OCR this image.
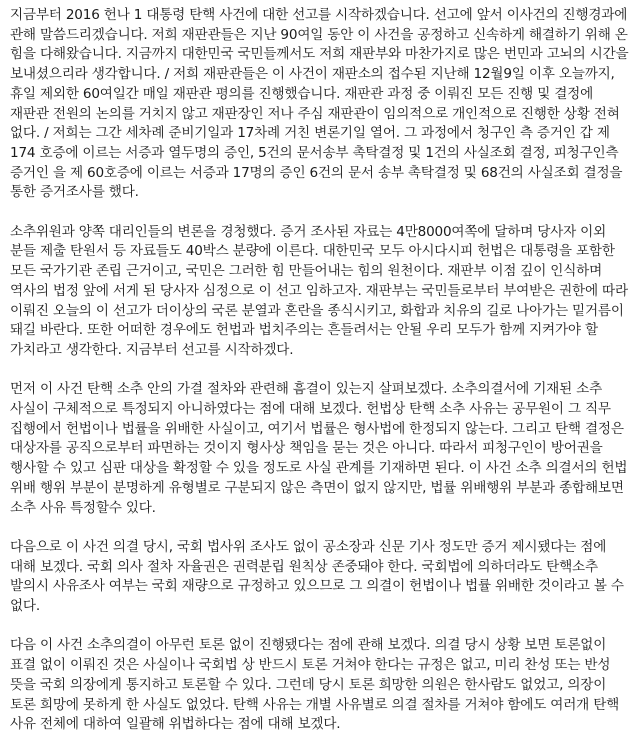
지금부터 2016 헌나 1 대통령 탄핵 사건에 대한 선고를 시작하겠습니다. 선고에 앞서 이사건의 진행경과에 관해 말씀드리겠습니다. 저희 재판관들은 지난 90여일 동안 이 사건을 공정하고 신속하게 해결하기 위해 온 힘을 다해왔습니다. 지금까지 대한민국 국민들께서도 저희 재판부와 마찬가지로 많은 번민과 고뇌의 시간을 보내셨으리라 생각합니다. / 저희 재판관들은 이 사건이 재판소의 접수된 지난해 12월9일 이후 오늘까지, 휴일 제외한 60여일간 매일 재판관 평의를 진행했습니다. 재판관 과정 중 이뤄진 모든 진행 및 결정에 재판관 전원의 논의를 거치지 않고 재판장인 저나 주심 재판관이 임의적으로 개인적으로 진행한 상황 전혀 없다. / 저희는 그간 세차례 준비기일과 17차례 거친 변론기일 열어. 그 과정에서 청구인 측 증거인 갑 제 174 호증에 이르는 서증과 열두명의 증인, 5건의 문서송부 촉탁결정 및 1건의 사실조회 결정, 피청구인측 증거인 을 제 60호증에 이르는 서증과 17명의 증인 6건의 문서 송부 촉탁결정 및 68건의 사실조회 결정을 통한 증거조사를 했다.

소추위원과 양쪽 대리인들의 변론을 경청했다. 증거 조사된 자료는 4만8000여쪽에 달하며 당사자 이외 분들 제출 탄원서 등 자료들도 40박스 분량에 이른다. 대한민국 모두 아시다시피 헌법은 대통령을 포함한 모든 국가기관 존립 근거이고, 국민은 그러한 힘 만들어내는 힘의 원천이다. 재판부 이점 깊이 인식하며 역사의 법정 앞에 서게 된 당사자 심정으로 이 선고 임하고자. 재판부는 국민들로부터 부여받은 권한에 따라 이뤄진 오늘의 이 선고가 더이상의 국론 분열과 혼란을 종식시키고, 화합과 치유의 길로 나아가는 밑거름이 돼길 바란다. 또한 어떠한 경우에도 헌법과 법치주의는 흔들려서는 안될 우리 모두가 함께 지켜가야 할 가치라고 생각한다. 지금부터 선고를 시작하겠다.

먼저 이 사건 탄핵 소추 안의 가결 절차와 관련해 흠결이 있는지 살펴보겠다. 소추의결서에 기재된 소추 사실이 구체적으로 특정되지 아니하였다는 점에 대해 보겠다. 헌법상 탄핵 소추 사유는 공무원이 그 직무 집행에서 헌법이나 법률을 위배한 사실이고, 여기서 법률은 형사법에 한정되지 않는다. 그리고 탄핵 결정은 대상자를 공직으로부터 파면하는 것이지 형사상 책임을 묻는 것은 아니다. 따라서 피청구인이 방어권을 행사할 수 있고 심판 대상을 확정할 수 있을 정도로 사실 관계를 기재하면 된다. 이 사건 소추 의결서의 헌법 위배 행위 부분이 분명하게 유형별로 구분되지 않은 측면이 없지 않지만, 법률 위배행위 부분과 종합해보면 소추 사유 특정할수 있다.

다음으로 이 사건 의결 당시, 국회 법사위 조사도 없이 공소장과 신문 기사 정도만 증거 제시됐다는 점에 대해 보겠다. 국회 의사 절차 자율권은 권력분립 원칙상 존중돼야 한다. 국회법에 의하더라도 탄핵소추 발의시 사유조사 여부는 국회 재량으로 규정하고 있으므로 그 의결이 헌법이나 법률 위배한 것이라고 볼 수 없다.

다음 이 사건 소추의결이 아무런 토론 없이 진행됐다는 점에 관해 보겠다. 의결 당시 상황 보면 토론없이 표결 없이 이뤄진 것은 사실이나 국회법 상 반드시 토론 거쳐야 한다는 규정은 없고, 미리 찬성 또는 반성 뜻을 국회 의장에게 통지하고 토론할 수 있다. 그런데 당시 토론 희망한 의원은 한사람도 없었고, 의장이 토론 희망에 못하게 한 사실도 없었다. 탄핵 사유는 개별 사유별로 의결 절차를 거쳐야 함에도 여러개 탄핵 사유 전체에 대하여 일괄해 위법하다는 점에 대해 보겠다.
